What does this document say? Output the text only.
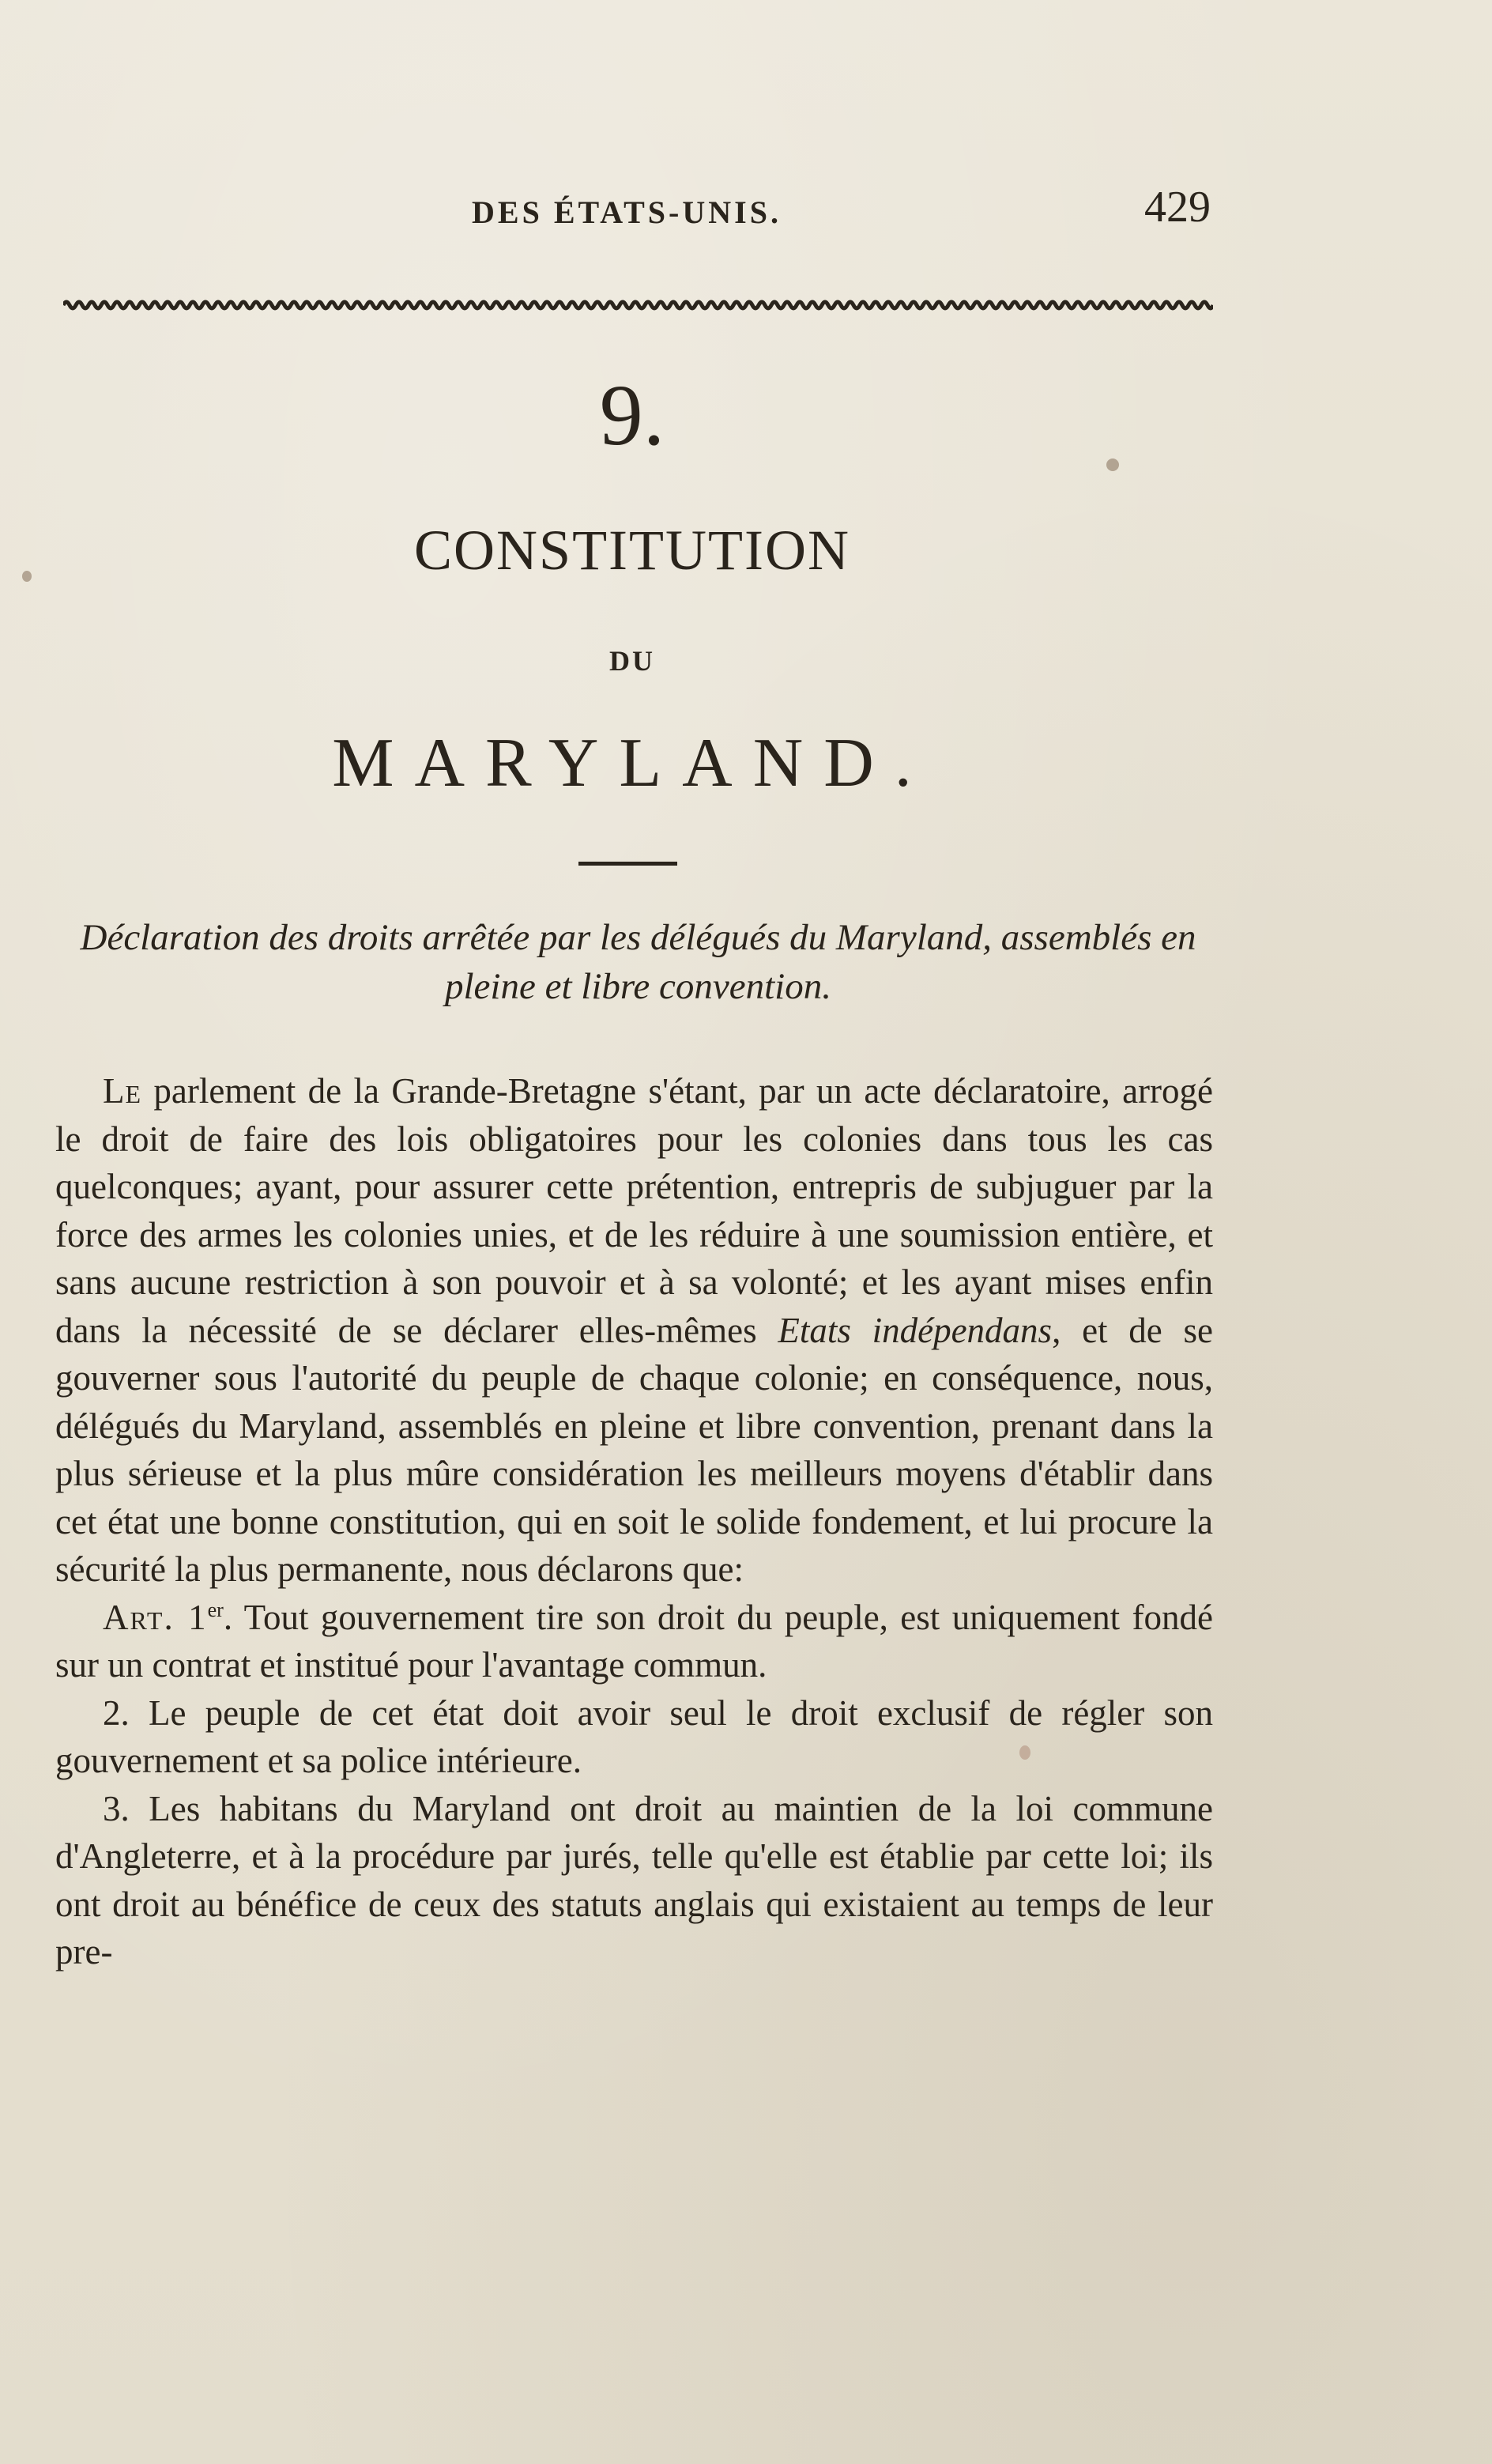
DES ÉTATS-UNIS.	429
9.
CONSTITUTION
DU
MARYLAND.
Déclaration des droits arrêtée par les délégués du Maryland, assemblés en pleine et libre convention.

Le parlement de la Grande-Bretagne s'étant, par un acte déclaratoire, arrogé le droit de faire des lois obligatoires pour les colonies dans tous les cas quelconques; ayant, pour assurer cette prétention, entrepris de subjuguer par la force des armes les colonies unies, et de les réduire à une soumission entière, et sans aucune restriction à son pouvoir et à sa volonté; et les ayant mises enfin dans la nécessité de se déclarer elles-mêmes Etats indépendans, et de se gouverner sous l'autorité du peuple de chaque colonie; en conséquence, nous, délégués du Maryland, assemblés en pleine et libre convention, prenant dans la plus sérieuse et la plus mûre considération les meilleurs moyens d'établir dans cet état une bonne constitution, qui en soit le solide fondement, et lui procure la sécurité la plus permanente, nous déclarons que:

Art. 1er. Tout gouvernement tire son droit du peuple, est uniquement fondé sur un contrat et institué pour l'avantage commun.

2. Le peuple de cet état doit avoir seul le droit exclusif de régler son gouvernement et sa police intérieure.

3. Les habitans du Maryland ont droit au maintien de la loi commune d'Angleterre, et à la procédure par jurés, telle qu'elle est établie par cette loi; ils ont droit au bénéfice de ceux des statuts anglais qui existaient au temps de leur pre-
